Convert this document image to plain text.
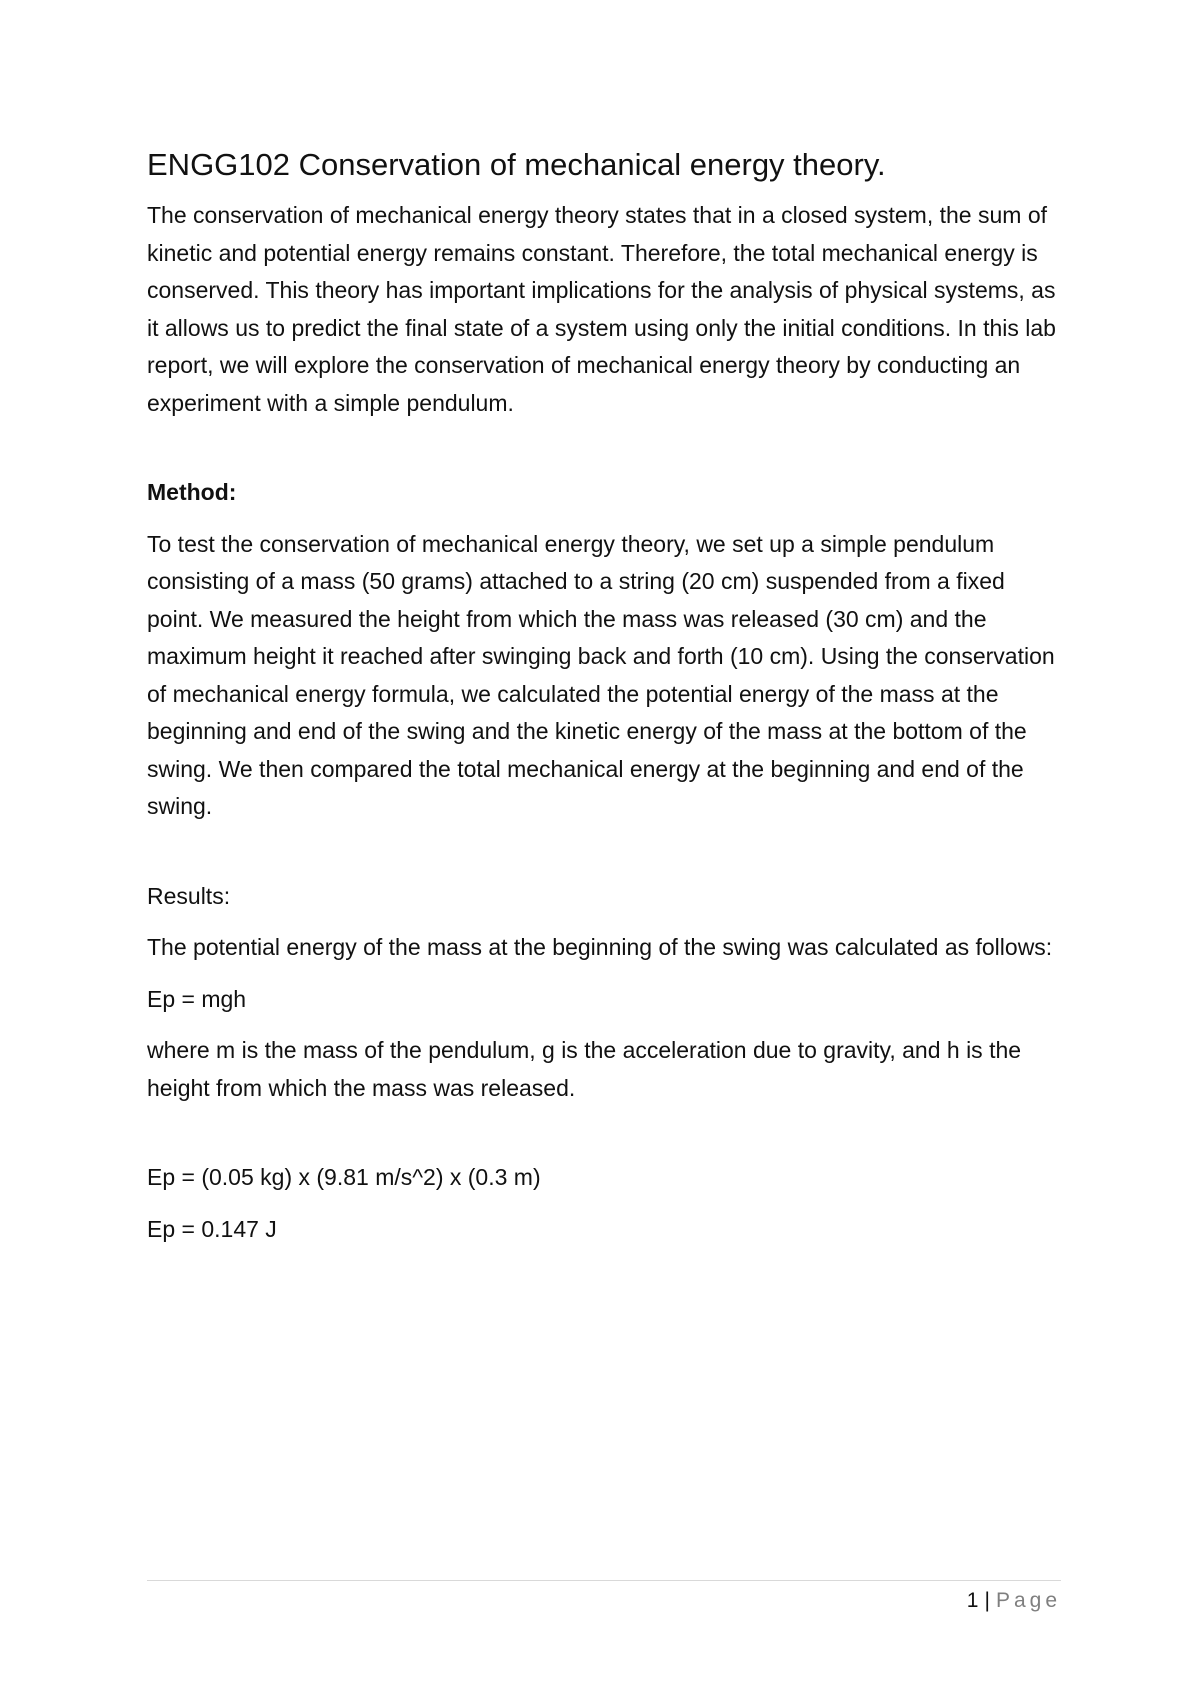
ENGG102 Conservation of mechanical energy theory.

The conservation of mechanical energy theory states that in a closed system, the sum of kinetic and potential energy remains constant. Therefore, the total mechanical energy is conserved. This theory has important implications for the analysis of physical systems, as it allows us to predict the final state of a system using only the initial conditions. In this lab report, we will explore the conservation of mechanical energy theory by conducting an experiment with a simple pendulum.

Method:

To test the conservation of mechanical energy theory, we set up a simple pendulum consisting of a mass (50 grams) attached to a string (20 cm) suspended from a fixed point. We measured the height from which the mass was released (30 cm) and the maximum height it reached after swinging back and forth (10 cm). Using the conservation of mechanical energy formula, we calculated the potential energy of the mass at the beginning and end of the swing and the kinetic energy of the mass at the bottom of the swing. We then compared the total mechanical energy at the beginning and end of the swing.

Results:

The potential energy of the mass at the beginning of the swing was calculated as follows:

Ep = mgh

where m is the mass of the pendulum, g is the acceleration due to gravity, and h is the height from which the mass was released.

Ep = (0.05 kg) x (9.81 m/s^2) x (0.3 m)

Ep = 0.147 J

1 | Page
